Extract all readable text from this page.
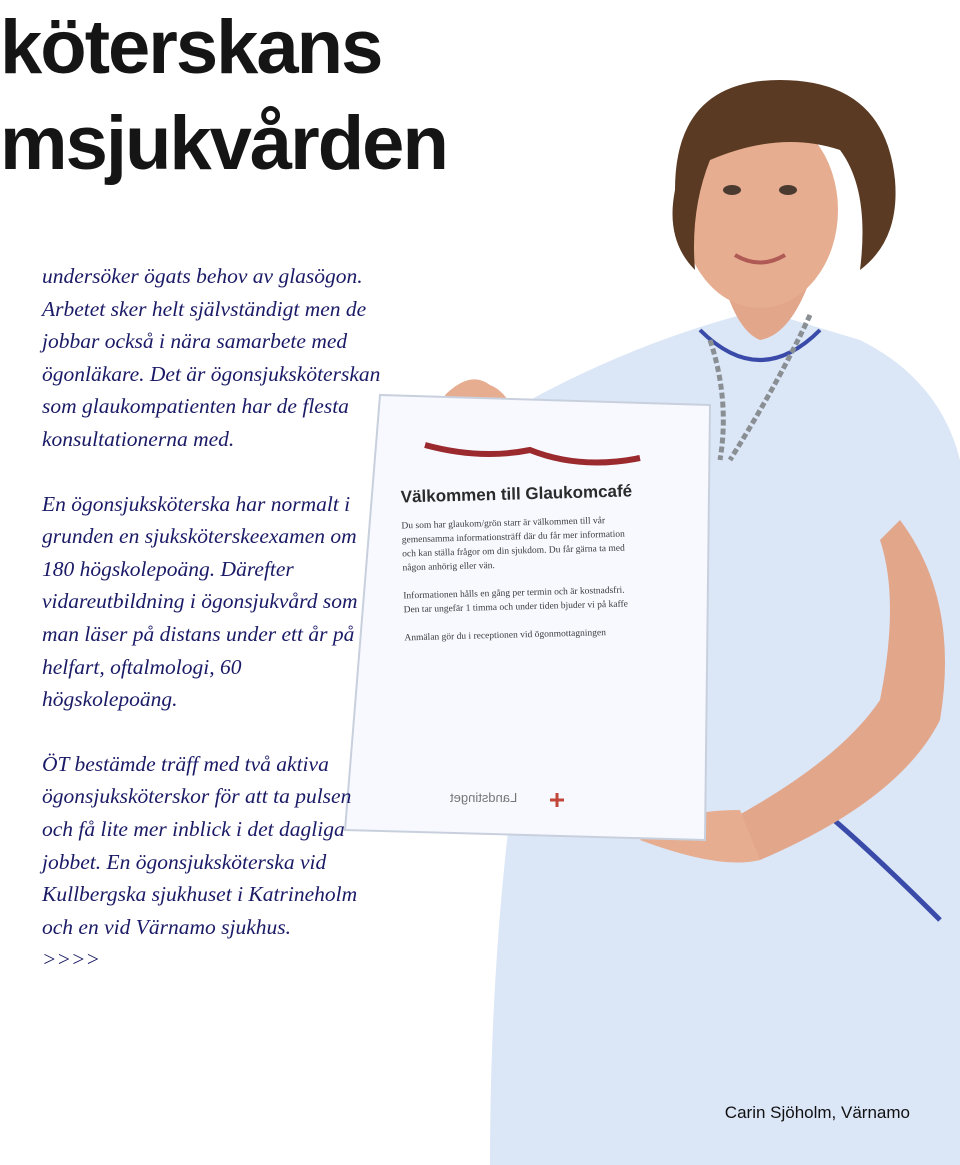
köterskans
msjukvården
Välkommen till Glaukomcafé
Du som har glaukom/grön starr är välkommen till vår
gemensamma informationsträff där du får mer information
och kan ställa frågor om din sjukdom. Du får gärna ta med
någon anhörig eller vän.
Informationen hålls en gång per termin och är kostnadsfri.
Den tar ungefär 1 timma och under tiden bjuder vi på kaffe
Anmälan gör du i receptionen vid ögonmottagningen
Landstinget

undersöker ögats behov av glasögon. Arbetet sker helt självständigt men de jobbar också i nära samarbete med ögonläkare. Det är ögonsjuksköterskan som glaukompatienten har de flesta konsultationerna med.

En ögonsjuksköterska har normalt i grunden en sjuksköterskeexamen om 180 högskolepoäng. Därefter vidareutbildning i ögonsjukvård som man läser på distans under ett år på helfart, oftalmologi, 60 högskolepoäng.

ÖT bestämde träff med två aktiva ögonsjuksköterskor för att ta pulsen och få lite mer inblick i det dagliga jobbet. En ögonsjuksköterska vid Kullbergska sjukhuset i Katrineholm och en vid Värnamo sjukhus.
>>>>

Carin Sjöholm, Värnamo
